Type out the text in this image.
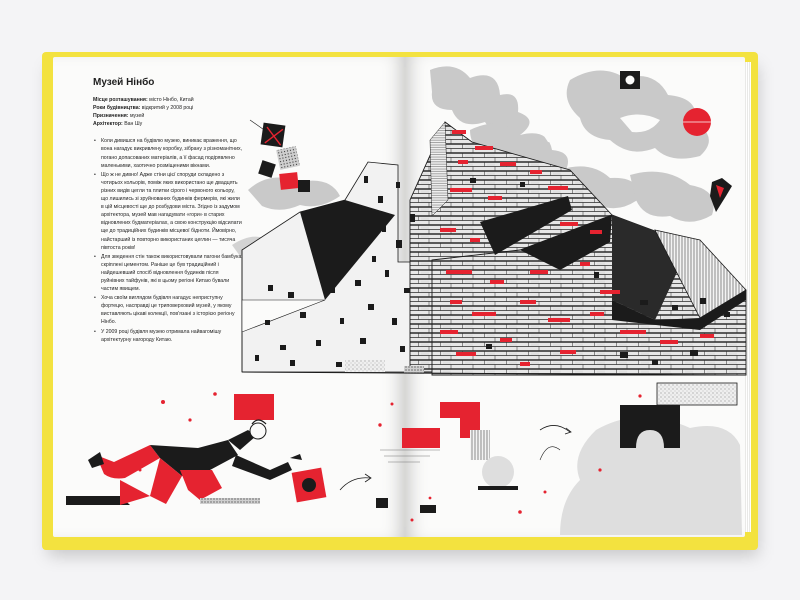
Музей Нінбо

Місце розташування: місто Нінбо, Китай

Роки будівництва: відкритий у 2008 році

Призначення: музей

Архітектор: Ван Шу

• Коли дивишся на будівлю музею, виникає враження, що вона нагадує викривлену коробку, зібрану з різноманітних, погано допасованих матеріалів, а її фасад подірявлено маленькими, хаотично розміщеними вікнами.
• Що ж не дивно! Адже стіни цієї споруди складено з чотирьох кольорів, поміж яких використано ще двадцять різних видів цегли та плитки сірого і червоного кольору, що лишились зі зруйнованих будинків фермерів, які жили в цій місцевості ще до розбудови міста. Згідно із задумом архітектора, музей мав нагадувати «гори» в старих відновлених будматеріалах, а свою конструкцію відсилати ще до традиційних будинків місцевої бідноти. Ймовірно, найстарший із повторно використаних цеглин — тисяча півтоста років!
• Для зведення стін також використовували пагони бамбука, скріплені цементом. Раніше це був традиційний і найдешевший спосіб відновлення будинків після руйнівних тайфунів, які в цьому регіоні Китаю бували частим явищем.
• Хоча своїм виглядом будівля нагадує неприступну фортецю, насправді це триповерховий музей, у якому виставляють цікаві колекції, пов'язані з історією регіону Нінбо.
• У 2009 році будівля музею отримала найвагомішу архітектурну нагороду Китаю.
